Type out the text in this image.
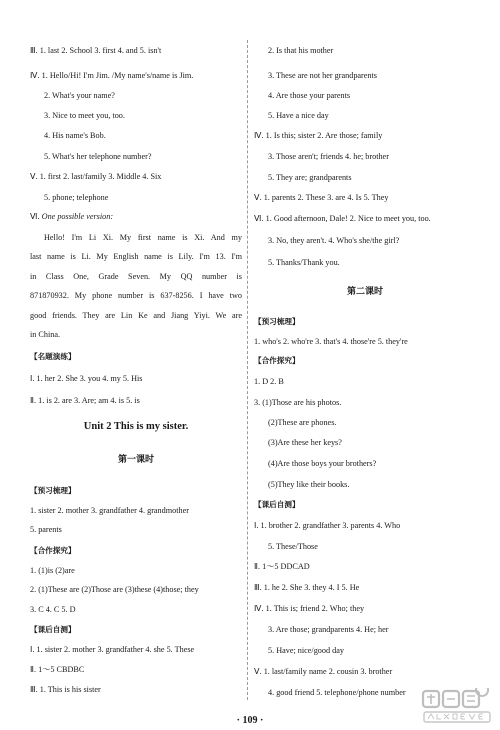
Ⅲ. 1. last 2. School 3. first 4. and 5. isn't
Ⅳ. 1. Hello/Hi! I'm Jim. /My name's/name is Jim.
2. What's your name?
3. Nice to meet you, too.
4. His name's Bob.
5. What's her telephone number?
Ⅴ. 1. first 2. last/family 3. Middle 4. Six
5. phone; telephone
Ⅵ. One possible version:
Hello! I'm Li Xi. My first name is Xi. And my
last name is Li. My English name is Lily. I'm 13. I'm
in Class One, Grade Seven. My QQ number is
871870932. My phone number is 637-8256. I have two
good friends. They are Lin Ke and Jiang Yiyi. We are
in China.
【名题演练】
Ⅰ. 1. her 2. She 3. you 4. my 5. His
Ⅱ. 1. is 2. are 3. Are; am 4. is 5. is
Unit 2 This is my sister.
第一课时
【预习梳理】
1. sister 2. mother 3. grandfather 4. grandmother
5. parents
【合作探究】
1. (1)is (2)are
2. (1)These are (2)Those are (3)these (4)those; they
3. C 4. C 5. D
【课后自测】
Ⅰ. 1. sister 2. mother 3. grandfather 4. she 5. These
Ⅱ. 1～5 CBDBC
Ⅲ. 1. This is his sister
2. Is that his mother
3. These are not her grandparents
4. Are those your parents
5. Have a nice day
Ⅳ. 1. Is this; sister 2. Are those; family
3. Those aren't; friends 4. he; brother
5. They are; grandparents
Ⅴ. 1. parents 2. These 3. are 4. Is 5. They
Ⅵ. 1. Good afternoon, Dale! 2. Nice to meet you, too.
3. No, they aren't. 4. Who's she/the girl?
5. Thanks/Thank you.
第二课时
【预习梳理】
1. who's 2. who're 3. that's 4. those're 5. they're
【合作探究】
1. D 2. B
3. (1)Those are his photos.
(2)These are phones.
(3)Are these her keys?
(4)Are those boys your brothers?
(5)They like their books.
【课后自测】
Ⅰ. 1. brother 2. grandfather 3. parents 4. Who
5. These/Those
Ⅱ. 1～5 DDCAD
Ⅲ. 1. he 2. She 3. they 4. I 5. He
Ⅳ. 1. This is; friend 2. Who; they
3. Are those; grandparents 4. He; her
5. Have; nice/good day
Ⅴ. 1. last/family name 2. cousin 3. brother
4. good friend 5. telephone/phone number
· 109 ·
